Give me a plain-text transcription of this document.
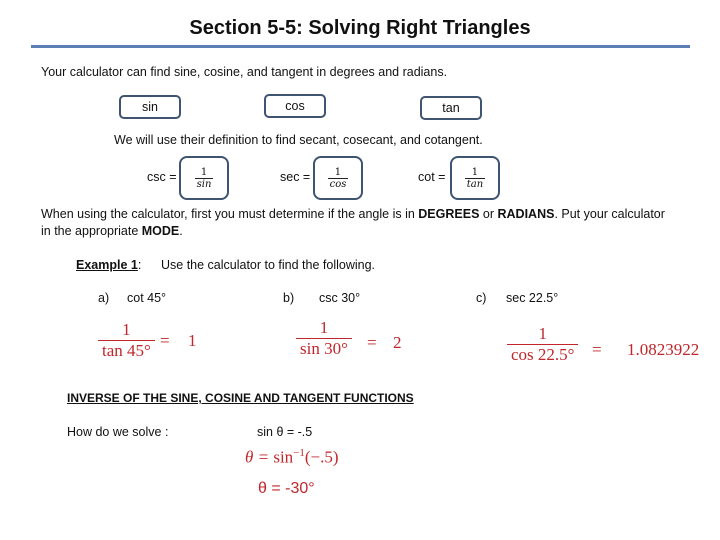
Section 5-5: Solving Right Triangles
Your calculator can find sine, cosine, and tangent in degrees and radians.
sin	cos	tan
We will use their definition to find secant, cosecant, and cotangent.
$\csc = \frac{1}{\sin}$	$\sec = \frac{1}{\cos}$	$\cot = \frac{1}{\tan}$
When using the calculator, first you must determine if the angle is in DEGREES or RADIANS. Put your calculator
in the appropriate MODE.
Example 1: Use the calculator to find the following.
a) cot 45°	b) csc 30°	c) sec 22.5°
$\frac{1}{\tan 45^\circ} = 1$	$\frac{1}{\sin 30^\circ} = 2$	$\frac{1}{\cos 22.5^\circ} = 1.0823922$
INVERSE OF THE SINE, COSINE AND TANGENT FUNCTIONS
How do we solve :	sin θ = -.5
$\theta = \sin^{-1}(-.5)$
θ = -30°
